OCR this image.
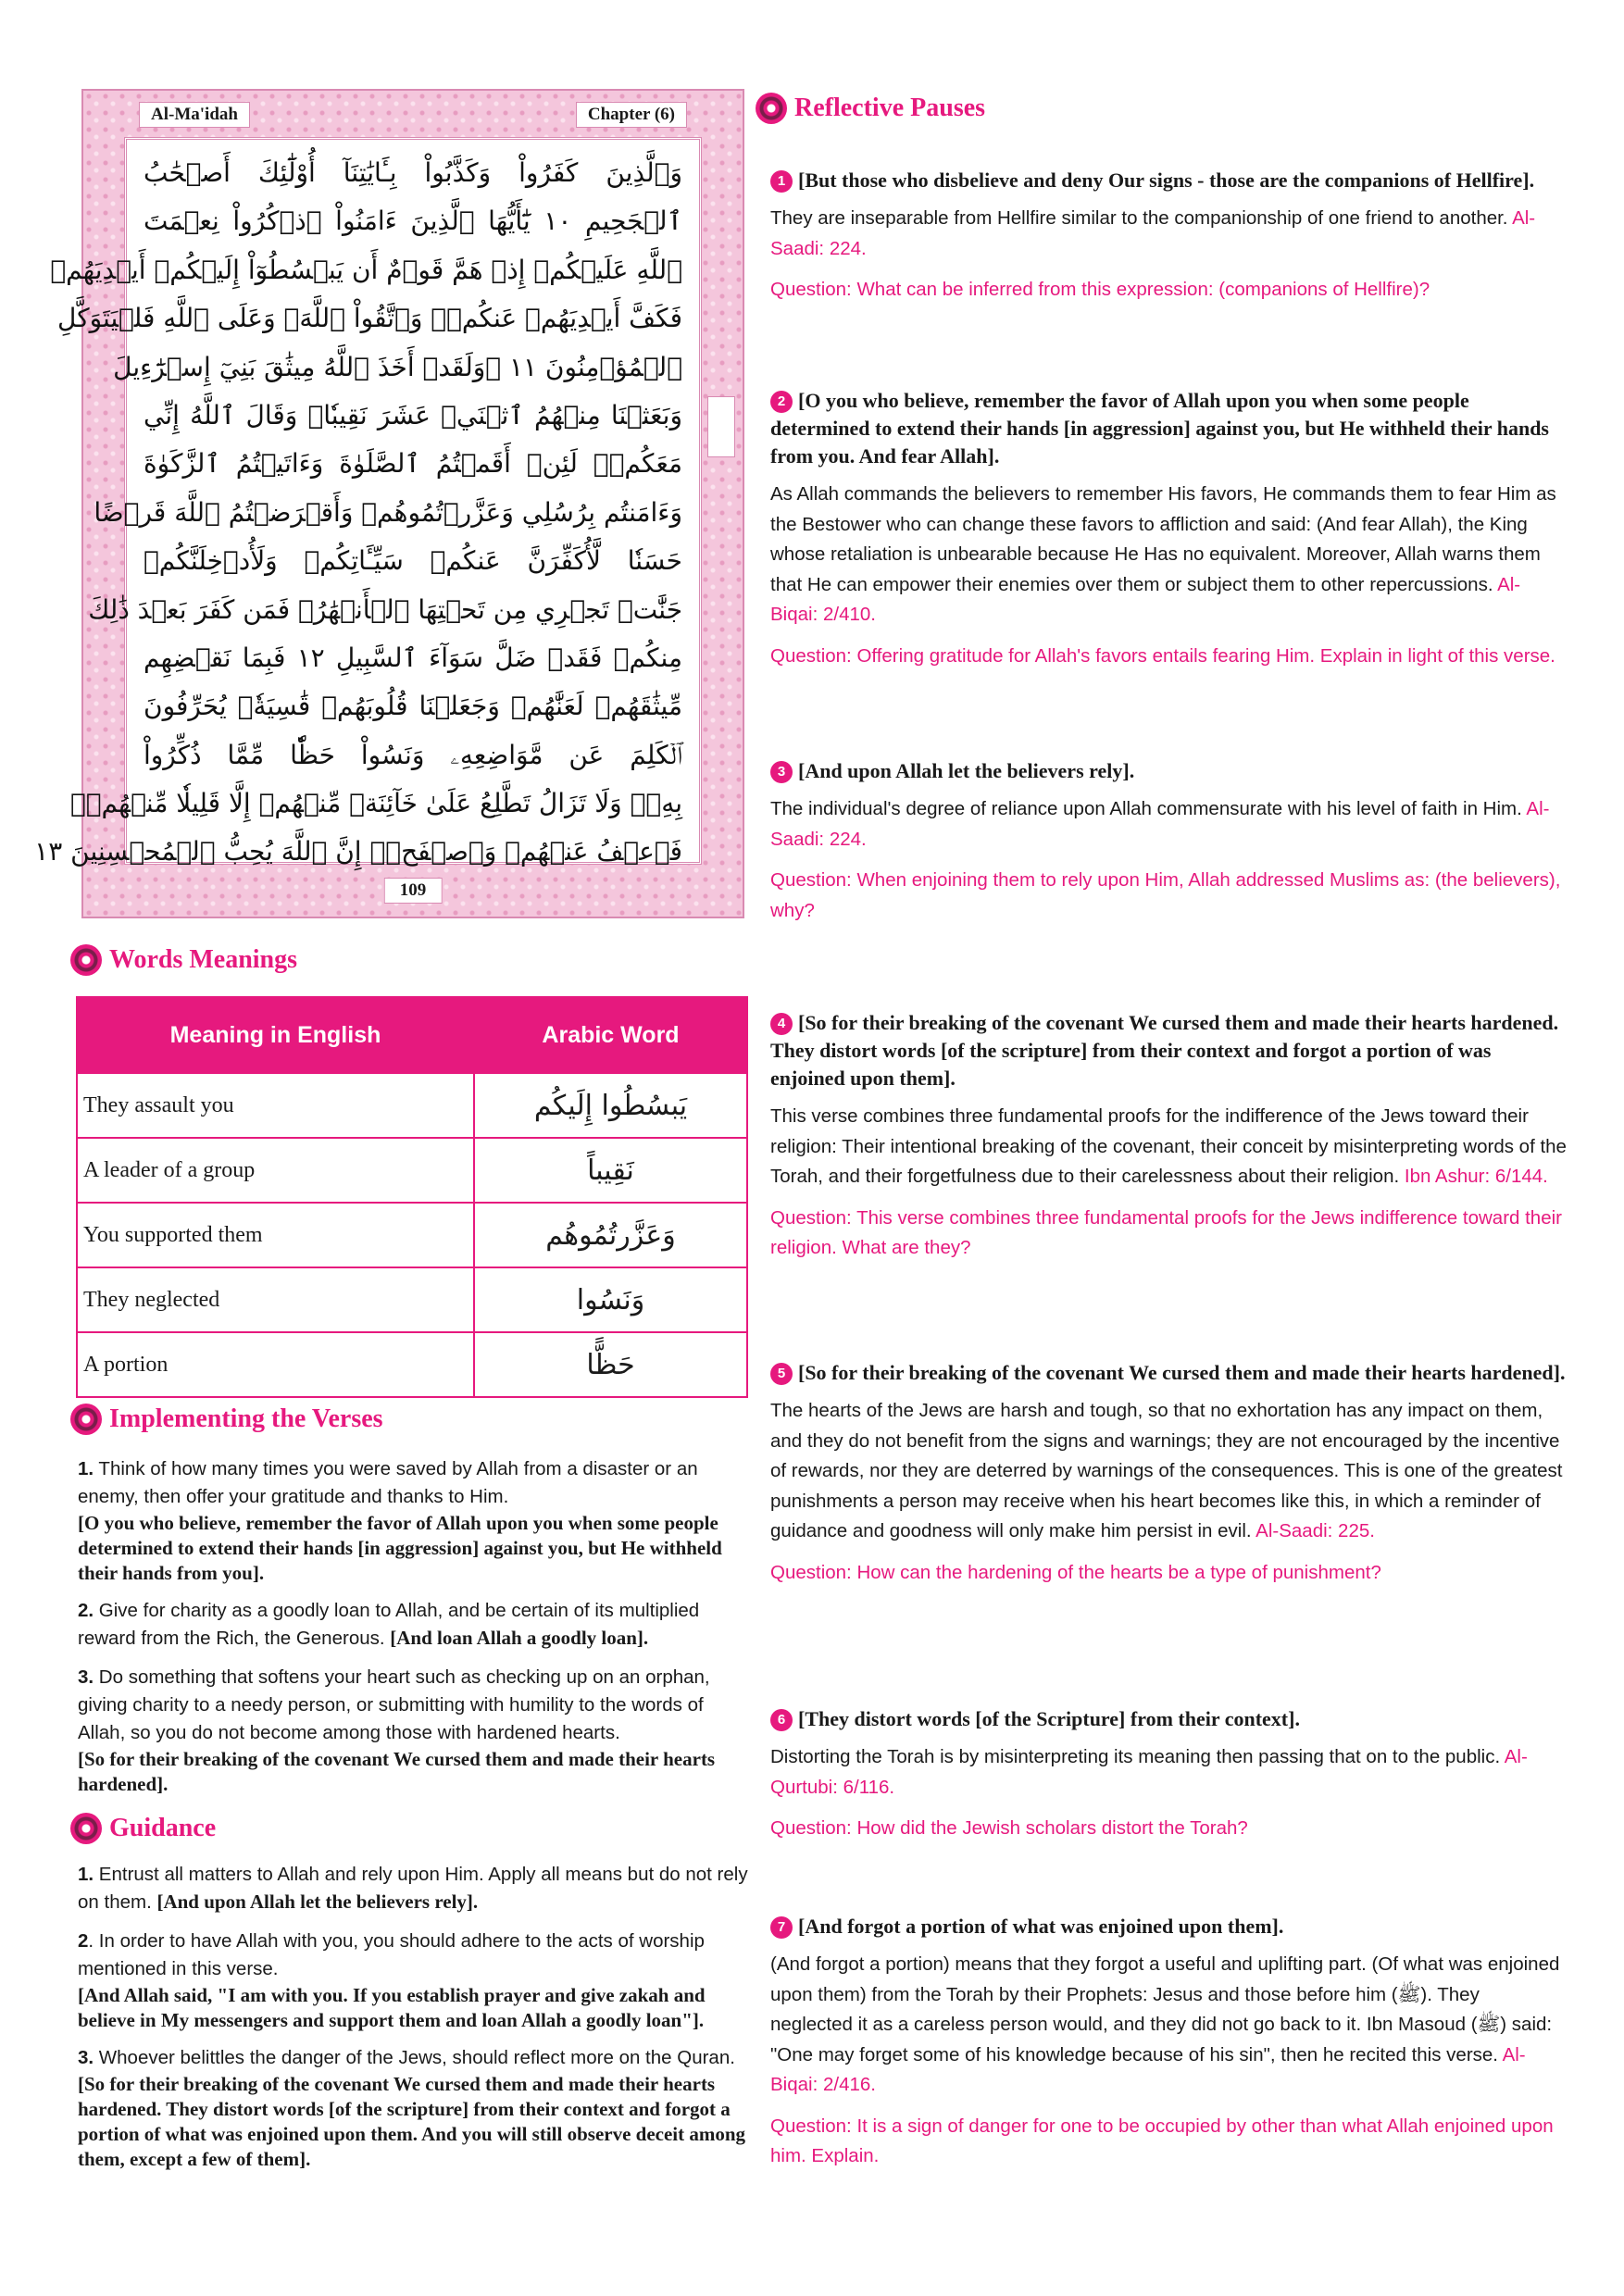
Al-Ma'idah	Chapter (6)
وَٱلَّذِينَ كَفَرُواْ وَكَذَّبُواْ بِـَٔايَٰتِنَآ أُوْلَٰٓئِكَ أَصۡحَٰبُ
ٱلۡجَحِيمِ ١٠ يَٰٓأَيُّهَا ٱلَّذِينَ ءَامَنُواْ ٱذۡكُرُواْ نِعۡمَتَ
ٱللَّهِ عَلَيۡكُمۡ إِذۡ هَمَّ قَوۡمٌ أَن يَبۡسُطُوٓاْ إِلَيۡكُمۡ أَيۡدِيَهُمۡ
فَكَفَّ أَيۡدِيَهُمۡ عَنكُمۡۖ وَٱتَّقُواْ ٱللَّهَۚ وَعَلَى ٱللَّهِ فَلۡيَتَوَكَّلِ
ٱلۡمُؤۡمِنُونَ ١١ ۞وَلَقَدۡ أَخَذَ ٱللَّهُ مِيثَٰقَ بَنِيٓ إِسۡرَٰٓءِيلَ
وَبَعَثۡنَا مِنۡهُمُ ٱثۡنَيۡ عَشَرَ نَقِيبٗاۖ وَقَالَ ٱللَّهُ إِنِّي
مَعَكُمۡۖ لَئِنۡ أَقَمۡتُمُ ٱلصَّلَوٰةَ وَءَاتَيۡتُمُ ٱلزَّكَوٰةَ
وَءَامَنتُم بِرُسُلِي وَعَزَّرۡتُمُوهُمۡ وَأَقۡرَضۡتُمُ ٱللَّهَ قَرۡضًا
حَسَنٗا لَّأُكَفِّرَنَّ عَنكُمۡ سَيِّـَٔاتِكُمۡ وَلَأُدۡخِلَنَّكُمۡ
جَنَّٰتٖ تَجۡرِي مِن تَحۡتِهَا ٱلۡأَنۡهَٰرُۚ فَمَن كَفَرَ بَعۡدَ ذَٰلِكَ
مِنكُمۡ فَقَدۡ ضَلَّ سَوَآءَ ٱلسَّبِيلِ ١٢ فَبِمَا نَقۡضِهِم
مِّيثَٰقَهُمۡ لَعَنَّٰهُمۡ وَجَعَلۡنَا قُلُوبَهُمۡ قَٰسِيَةٗۖ يُحَرِّفُونَ
ٱلۡكَلِمَ عَن مَّوَاضِعِهِۦ وَنَسُواْ حَظّٗا مِّمَّا ذُكِّرُواْ
بِهِۦۚ وَلَا تَزَالُ تَطَّلِعُ عَلَىٰ خَآئِنَةٖ مِّنۡهُمۡ إِلَّا قَلِيلٗا مِّنۡهُمۡۖ
فَٱعۡفُ عَنۡهُمۡ وَٱصۡفَحۡۚ إِنَّ ٱللَّهَ يُحِبُّ ٱلۡمُحۡسِنِينَ ١٣
109
Words Meanings
Meaning in English	Arabic Word
They assault you	يَبسُطُوا إِلَيكُم
A leader of a group	نَقِيباً
You supported them	وَعَزَّرتُمُوهُم
They neglected	وَنَسُوا
A portion	حَظًّا
Implementing the Verses
1. Think of how many times you were saved by Allah from a disaster or an enemy, then offer your gratitude and thanks to Him.
[O you who believe, remember the favor of Allah upon you when some people determined to extend their hands [in aggression] against you, but He withheld their hands from you].
2. Give for charity as a goodly loan to Allah, and be certain of its multiplied reward from the Rich, the Generous. [And loan Allah a goodly loan].
3. Do something that softens your heart such as checking up on an orphan, giving charity to a needy person, or submitting with humility to the words of Allah, so you do not become among those with hardened hearts.
[So for their breaking of the covenant We cursed them and made their hearts hardened].
Guidance
1. Entrust all matters to Allah and rely upon Him. Apply all means but do not rely on them. [And upon Allah let the believers rely].
2. In order to have Allah with you, you should adhere to the acts of worship mentioned in this verse.
[And Allah said, "I am with you. If you establish prayer and give zakah and believe in My messengers and support them and loan Allah a goodly loan"].
3. Whoever belittles the danger of the Jews, should reflect more on the Quran.
[So for their breaking of the covenant We cursed them and made their hearts hardened. They distort words [of the scripture] from their context and forgot a portion of what was enjoined upon them. And you will still observe deceit among them, except a few of them].
Reflective Pauses
1 [But those who disbelieve and deny Our signs - those are the companions of Hellfire].
They are inseparable from Hellfire similar to the companionship of one friend to another. Al-Saadi: 224.
Question: What can be inferred from this expression: (companions of Hellfire)?
2 [O you who believe, remember the favor of Allah upon you when some people determined to extend their hands [in aggression] against you, but He withheld their hands from you. And fear Allah].
As Allah commands the believers to remember His favors, He commands them to fear Him as the Bestower who can change these favors to affliction and said: (And fear Allah), the King whose retaliation is unbearable because He Has no equivalent. Moreover, Allah warns them that He can empower their enemies over them or subject them to other repercussions. Al-Biqai: 2/410.
Question: Offering gratitude for Allah's favors entails fearing Him. Explain in light of this verse.
3 [And upon Allah let the believers rely].
The individual's degree of reliance upon Allah commensurate with his level of faith in Him. Al-Saadi: 224.
Question: When enjoining them to rely upon Him, Allah addressed Muslims as: (the believers), why?
4 [So for their breaking of the covenant We cursed them and made their hearts hardened. They distort words [of the scripture] from their context and forgot a portion of was enjoined upon them].
This verse combines three fundamental proofs for the indifference of the Jews toward their religion: Their intentional breaking of the covenant, their conceit by misinterpreting words of the Torah, and their forgetfulness due to their carelessness about their religion. Ibn Ashur: 6/144.
Question: This verse combines three fundamental proofs for the Jews indifference toward their religion. What are they?
5 [So for their breaking of the covenant We cursed them and made their hearts hardened].
The hearts of the Jews are harsh and tough, so that no exhortation has any impact on them, and they do not benefit from the signs and warnings; they are not encouraged by the incentive of rewards, nor they are deterred by warnings of the consequences. This is one of the greatest punishments a person may receive when his heart becomes like this, in which a reminder of guidance and goodness will only make him persist in evil. Al-Saadi: 225.
Question: How can the hardening of the hearts be a type of punishment?
6 [They distort words [of the Scripture] from their context].
Distorting the Torah is by misinterpreting its meaning then passing that on to the public. Al-Qurtubi: 6/116.
Question: How did the Jewish scholars distort the Torah?
7 [And forgot a portion of what was enjoined upon them].
(And forgot a portion) means that they forgot a useful and uplifting part. (Of what was enjoined upon them) from the Torah by their Prophets: Jesus and those before him (ﷺ). They neglected it as a careless person would, and they did not go back to it. Ibn Masoud (ﷺ) said: "One may forget some of his knowledge because of his sin", then he recited this verse. Al-Biqai: 2/416.
Question: It is a sign of danger for one to be occupied by other than what Allah enjoined upon him. Explain.
